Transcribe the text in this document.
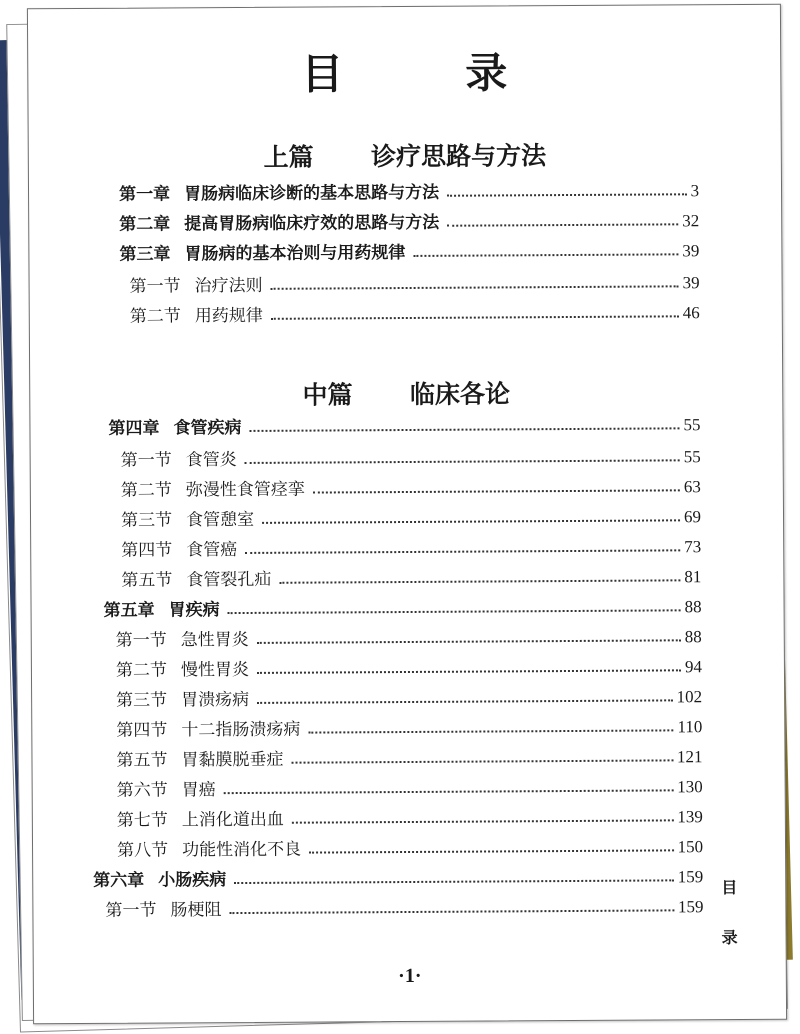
目　录
上篇 诊疗思路与方法
中篇 临床各论
第一章 胃肠病临床诊断的基本思路与方法	3
第二章 提高胃肠病临床疗效的思路与方法	32
第三章 胃肠病的基本治则与用药规律	39
第一节 治疗法则	39
第二节 用药规律	46
第四章 食管疾病	55
第一节 食管炎	55
第二节 弥漫性食管痉挛	63
第三节 食管憩室	69
第四节 食管癌	73
第五节 食管裂孔疝	81
第五章 胃疾病	88
第一节 急性胃炎	88
第二节 慢性胃炎	94
第三节 胃溃疡病	102
第四节 十二指肠溃疡病	110
第五节 胃黏膜脱垂症	121
第六节 胃癌	130
第七节 上消化道出血	139
第八节 功能性消化不良	150
第六章 小肠疾病	159
第一节 肠梗阻	159
目
录
·1·
